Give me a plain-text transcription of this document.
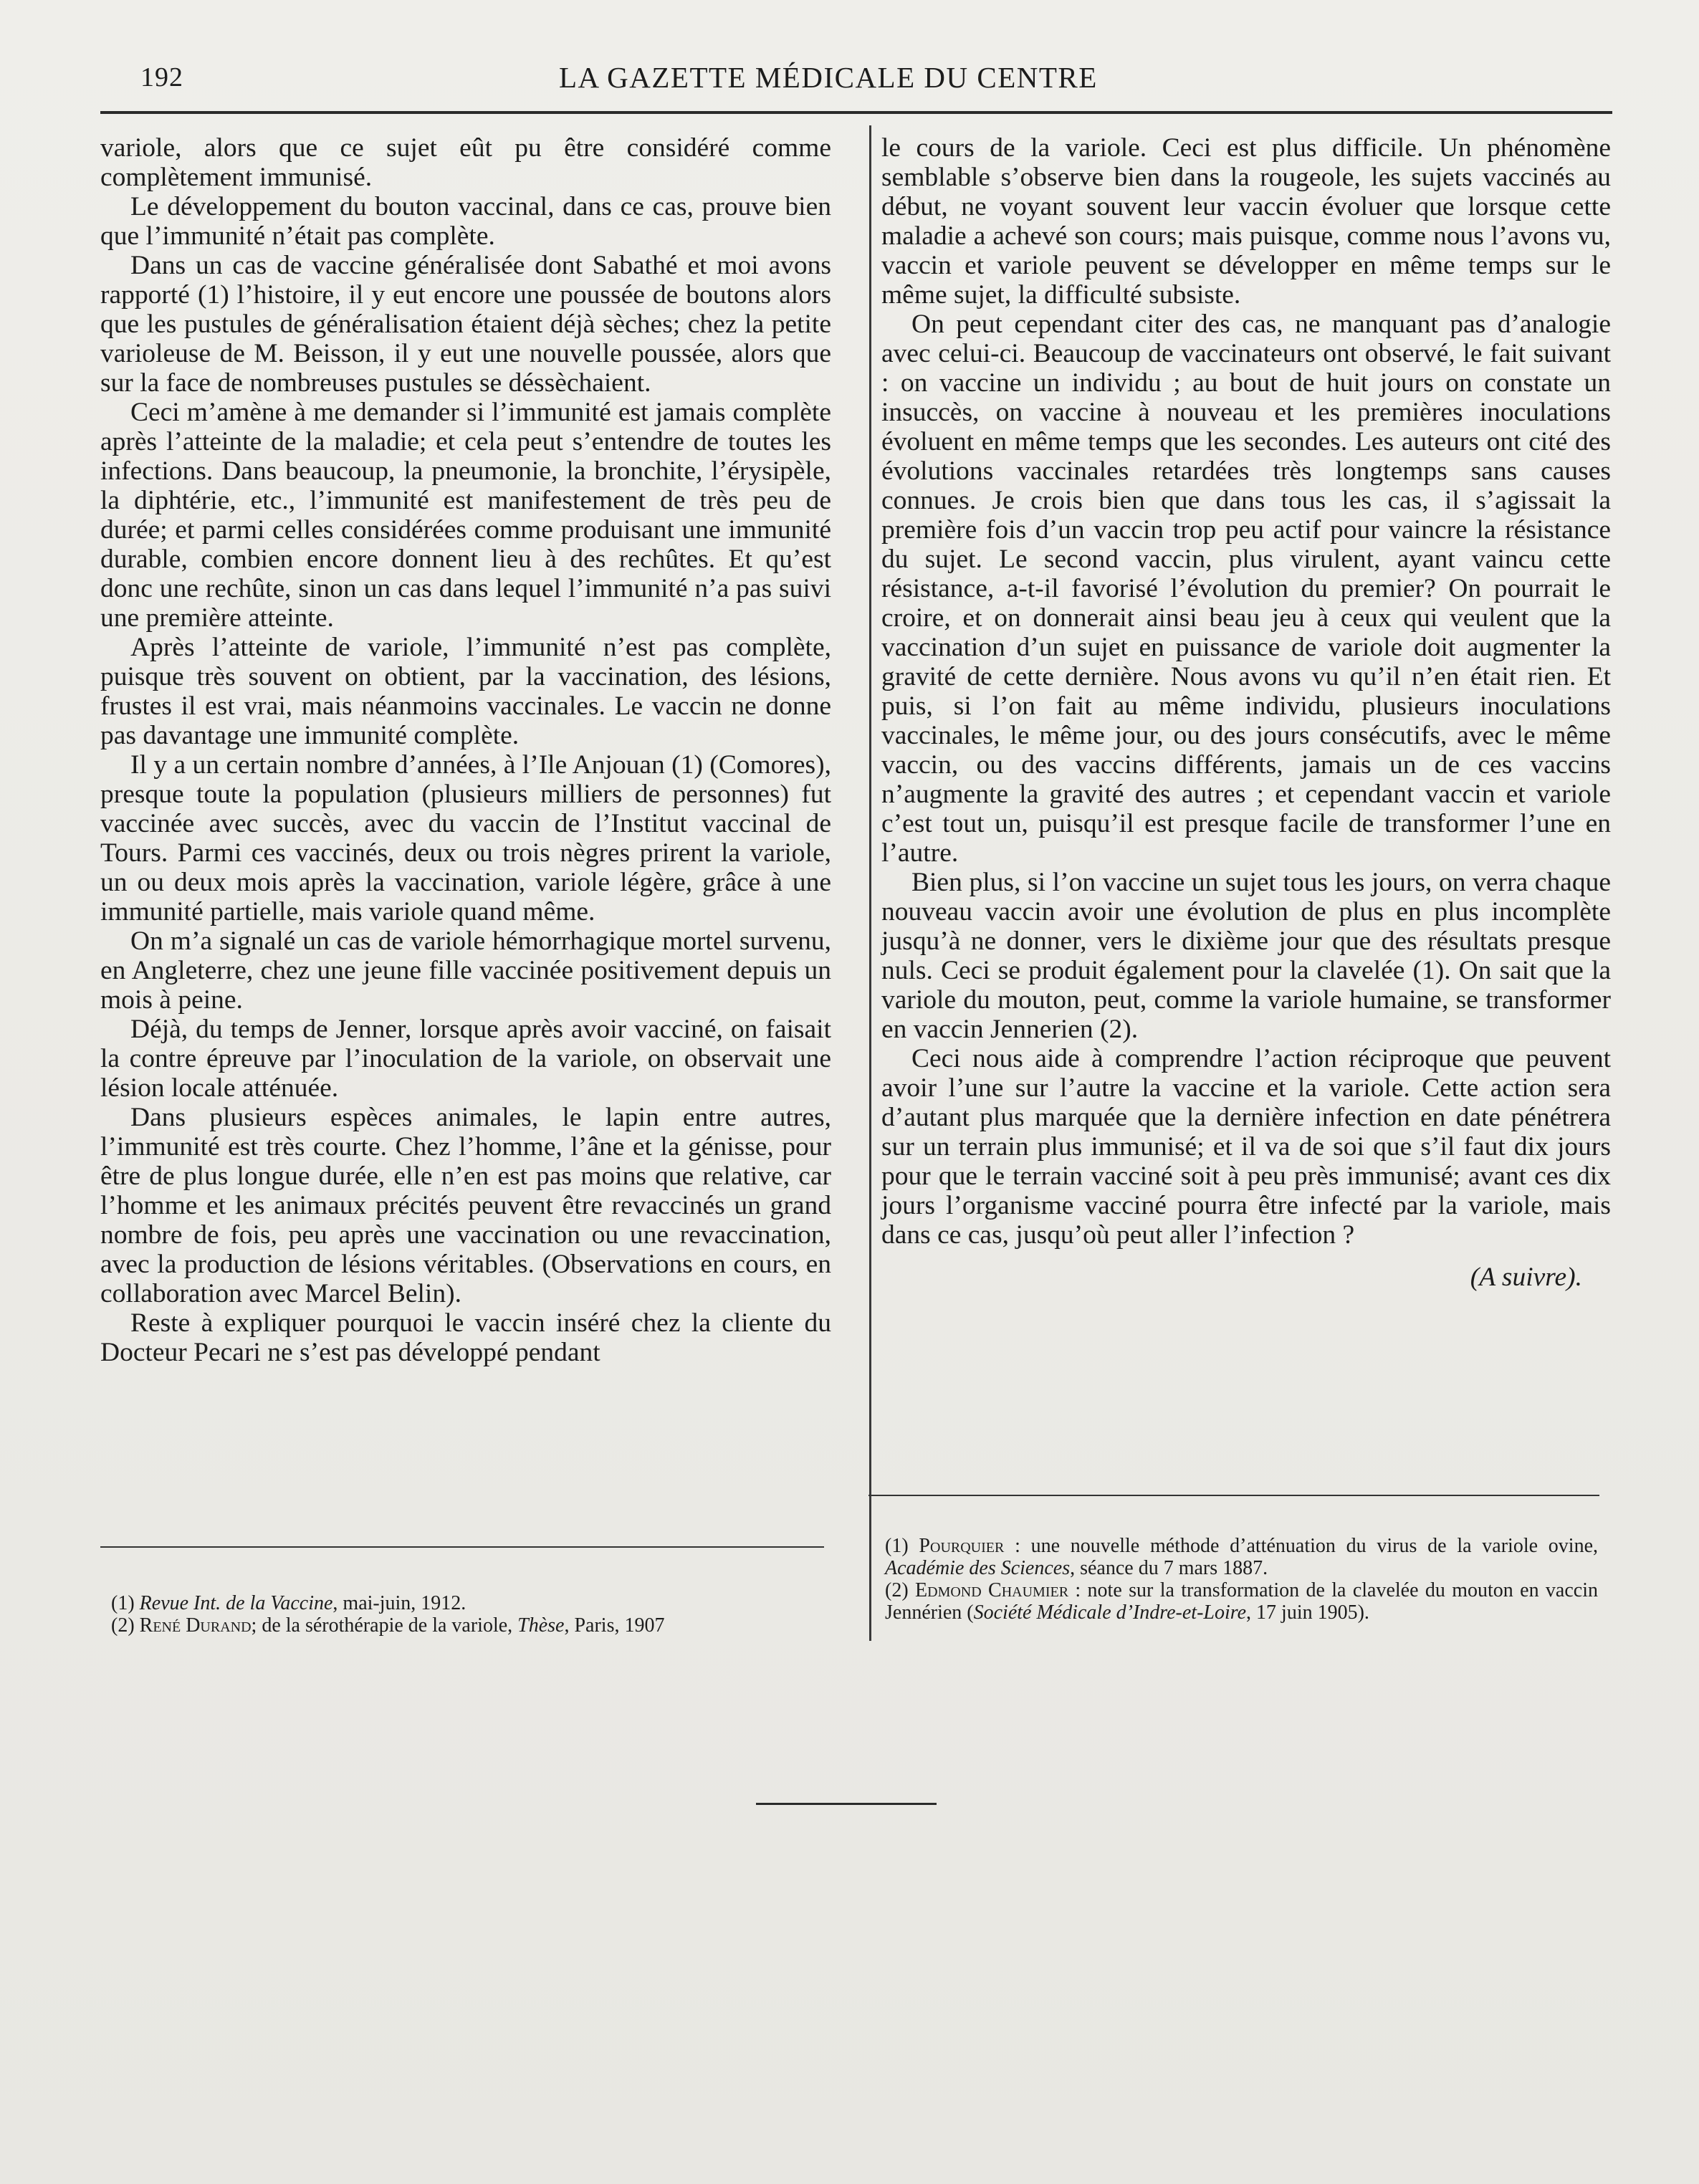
192	LA GAZETTE MÉDICALE DU CENTRE

variole, alors que ce sujet eût pu être considéré comme complètement immunisé.

Le développement du bouton vaccinal, dans ce cas, prouve bien que l’immunité n’était pas complète.

Dans un cas de vaccine généralisée dont Sabathé et moi avons rapporté (1) l’histoire, il y eut encore une poussée de boutons alors que les pustules de généralisation étaient déjà sèches; chez la petite varioleuse de M. Beisson, il y eut une nouvelle poussée, alors que sur la face de nombreuses pustules se déssèchaient.

Ceci m’amène à me demander si l’immunité est jamais complète après l’atteinte de la maladie; et cela peut s’entendre de toutes les infections. Dans beaucoup, la pneumonie, la bronchite, l’érysipèle, la diphtérie, etc., l’immunité est manifestement de très peu de durée; et parmi celles considérées comme produisant une immunité durable, combien encore donnent lieu à des rechûtes. Et qu’est donc une rechûte, sinon un cas dans lequel l’immunité n’a pas suivi une première atteinte.

Après l’atteinte de variole, l’immunité n’est pas complète, puisque très souvent on obtient, par la vaccination, des lésions, frustes il est vrai, mais néanmoins vaccinales. Le vaccin ne donne pas davantage une immunité complète.

Il y a un certain nombre d’années, à l’Ile Anjouan (1) (Comores), presque toute la population (plusieurs milliers de personnes) fut vaccinée avec succès, avec du vaccin de l’Institut vaccinal de Tours. Parmi ces vaccinés, deux ou trois nègres prirent la variole, un ou deux mois après la vaccination, variole légère, grâce à une immunité partielle, mais variole quand même.

On m’a signalé un cas de variole hémorrhagique mortel survenu, en Angleterre, chez une jeune fille vaccinée positivement depuis un mois à peine.

Déjà, du temps de Jenner, lorsque après avoir vacciné, on faisait la contre épreuve par l’inoculation de la variole, on observait une lésion locale atténuée.

Dans plusieurs espèces animales, le lapin entre autres, l’immunité est très courte. Chez l’homme, l’âne et la génisse, pour être de plus longue durée, elle n’en est pas moins que relative, car l’homme et les animaux précités peuvent être revaccinés un grand nombre de fois, peu après une vaccination ou une revaccination, avec la production de lésions véritables. (Observations en cours, en collaboration avec Marcel Belin).

Reste à expliquer pourquoi le vaccin inséré chez la cliente du Docteur Pecari ne s’est pas développé pendant

le cours de la variole. Ceci est plus difficile. Un phénomène semblable s’observe bien dans la rougeole, les sujets vaccinés au début, ne voyant souvent leur vaccin évoluer que lorsque cette maladie a achevé son cours; mais puisque, comme nous l’avons vu, vaccin et variole peuvent se développer en même temps sur le même sujet, la difficulté subsiste.

On peut cependant citer des cas, ne manquant pas d’analogie avec celui-ci. Beaucoup de vaccinateurs ont observé, le fait suivant : on vaccine un individu ; au bout de huit jours on constate un insuccès, on vaccine à nouveau et les premières inoculations évoluent en même temps que les secondes. Les auteurs ont cité des évolutions vaccinales retardées très longtemps sans causes connues. Je crois bien que dans tous les cas, il s’agissait la première fois d’un vaccin trop peu actif pour vaincre la résistance du sujet. Le second vaccin, plus virulent, ayant vaincu cette résistance, a-t-il favorisé l’évolution du premier? On pourrait le croire, et on donnerait ainsi beau jeu à ceux qui veulent que la vaccination d’un sujet en puissance de variole doit augmenter la gravité de cette dernière. Nous avons vu qu’il n’en était rien. Et puis, si l’on fait au même individu, plusieurs inoculations vaccinales, le même jour, ou des jours consécutifs, avec le même vaccin, ou des vaccins différents, jamais un de ces vaccins n’augmente la gravité des autres ; et cependant vaccin et variole c’est tout un, puisqu’il est presque facile de transformer l’une en l’autre.

Bien plus, si l’on vaccine un sujet tous les jours, on verra chaque nouveau vaccin avoir une évolution de plus en plus incomplète jusqu’à ne donner, vers le dixième jour que des résultats presque nuls. Ceci se produit également pour la clavelée (1). On sait que la variole du mouton, peut, comme la variole humaine, se transformer en vaccin Jennerien (2).

Ceci nous aide à comprendre l’action réciproque que peuvent avoir l’une sur l’autre la vaccine et la variole. Cette action sera d’autant plus marquée que la dernière infection en date pénétrera sur un terrain plus immunisé; et il va de soi que s’il faut dix jours pour que le terrain vacciné soit à peu près immunisé; avant ces dix jours l’organisme vacciné pourra être infecté par la variole, mais dans ce cas, jusqu’où peut aller l’infection ?

(A suivre).

(1) Revue Int. de la Vaccine, mai-juin, 1912.

(2) René Durand; de la sérothérapie de la variole, Thèse, Paris, 1907

(1) Pourquier : une nouvelle méthode d’atténuation du virus de la variole ovine, Académie des Sciences, séance du 7 mars 1887.

(2) Edmond Chaumier : note sur la transformation de la clavelée du mouton en vaccin Jennérien (Société Médicale d’Indre-et-Loire, 17 juin 1905).
